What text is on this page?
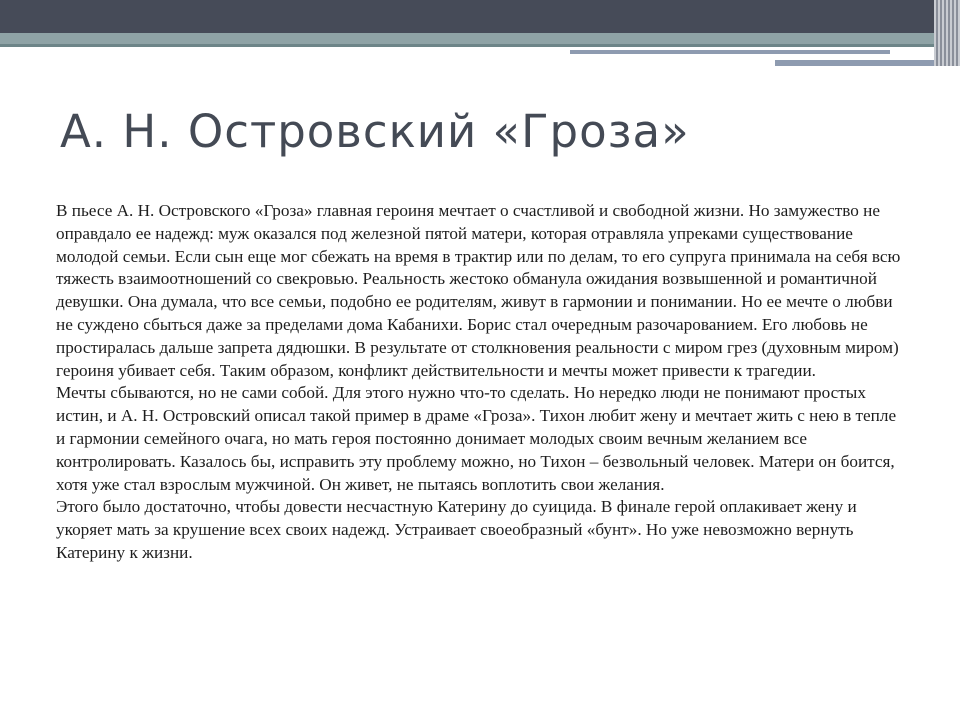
А. Н. Островский «Гроза»

В пьесе А. Н. Островского «Гроза» главная героиня мечтает о счастливой и свободной жизни. Но замужество не оправдало ее надежд: муж оказался под железной пятой матери, которая отравляла упреками существование молодой семьи. Если сын еще мог сбежать на время в трактир или по делам, то его супруга принимала на себя всю тяжесть взаимоотношений со свекровью. Реальность жестоко обманула ожидания возвышенной и романтичной девушки. Она думала, что все семьи, подобно ее родителям, живут в гармонии и понимании. Но ее мечте о любви не суждено сбыться даже за пределами дома Кабанихи. Борис стал очередным разочарованием. Его любовь не простиралась дальше запрета дядюшки. В результате от столкновения реальности с миром грез (духовным миром) героиня убивает себя. Таким образом, конфликт действительности и мечты может привести к трагедии.

Мечты сбываются, но не сами собой. Для этого нужно что-то сделать. Но нередко люди не понимают простых истин, и А. Н. Островский описал такой пример в драме «Гроза». Тихон любит жену и мечтает жить с нею в тепле и гармонии семейного очага, но мать героя постоянно донимает молодых своим вечным желанием все контролировать. Казалось бы, исправить эту проблему можно, но Тихон – безвольный человек. Матери он боится, хотя уже стал взрослым мужчиной. Он живет, не пытаясь воплотить свои желания.

Этого было достаточно, чтобы довести несчастную Катерину до суицида. В финале герой оплакивает жену и укоряет мать за крушение всех своих надежд. Устраивает своеобразный «бунт». Но уже невозможно вернуть Катерину к жизни.
